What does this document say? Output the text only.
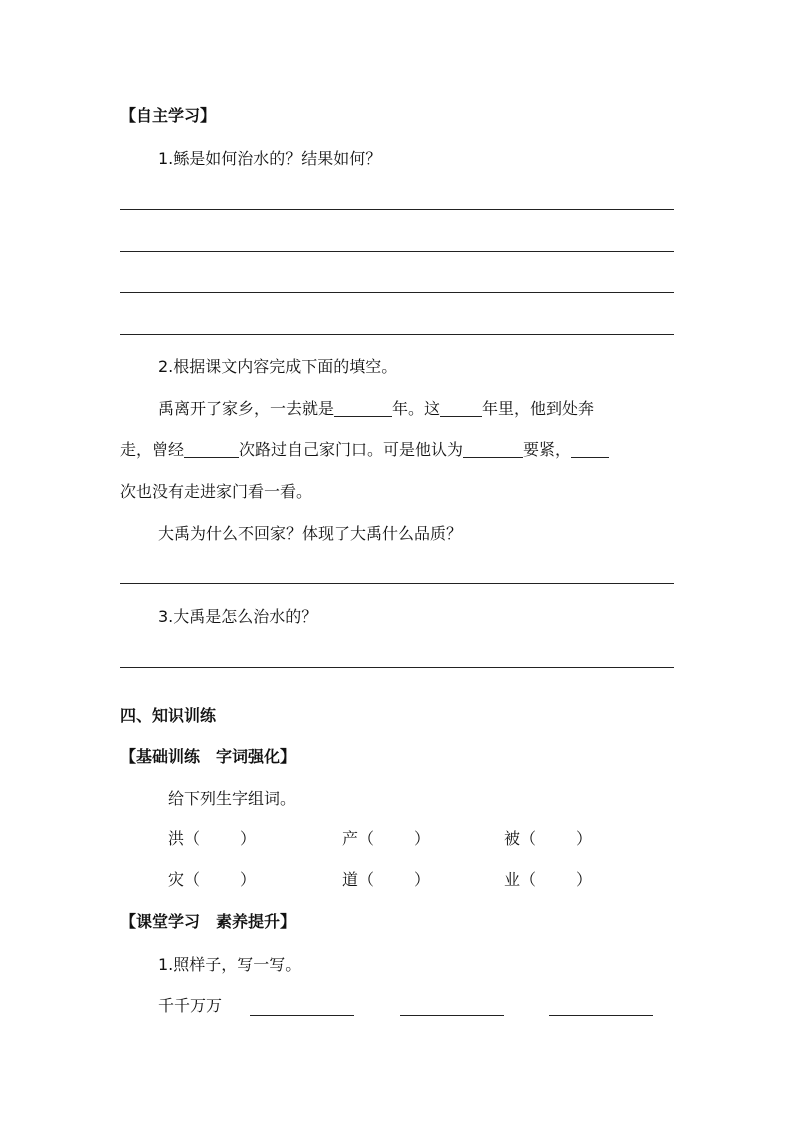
【自主学习】
1.鲧是如何治水的？结果如何？
2.根据课文内容完成下面的填空。
禹离开了家乡，一去就是	年。这	年里，他到处奔
走，曾经	次路过自己家门口。可是他认为	要紧，
次也没有走进家门看一看。
大禹为什么不回家？体现了大禹什么品质？
3.大禹是怎么治水的？
四、知识训练
【基础训练　字词强化】
给下列生字组词。
洪（	）	产（	）	被（	）
灾（	）	道（	）	业（	）
【课堂学习　素养提升】
1.照样子，写一写。
千千万万
